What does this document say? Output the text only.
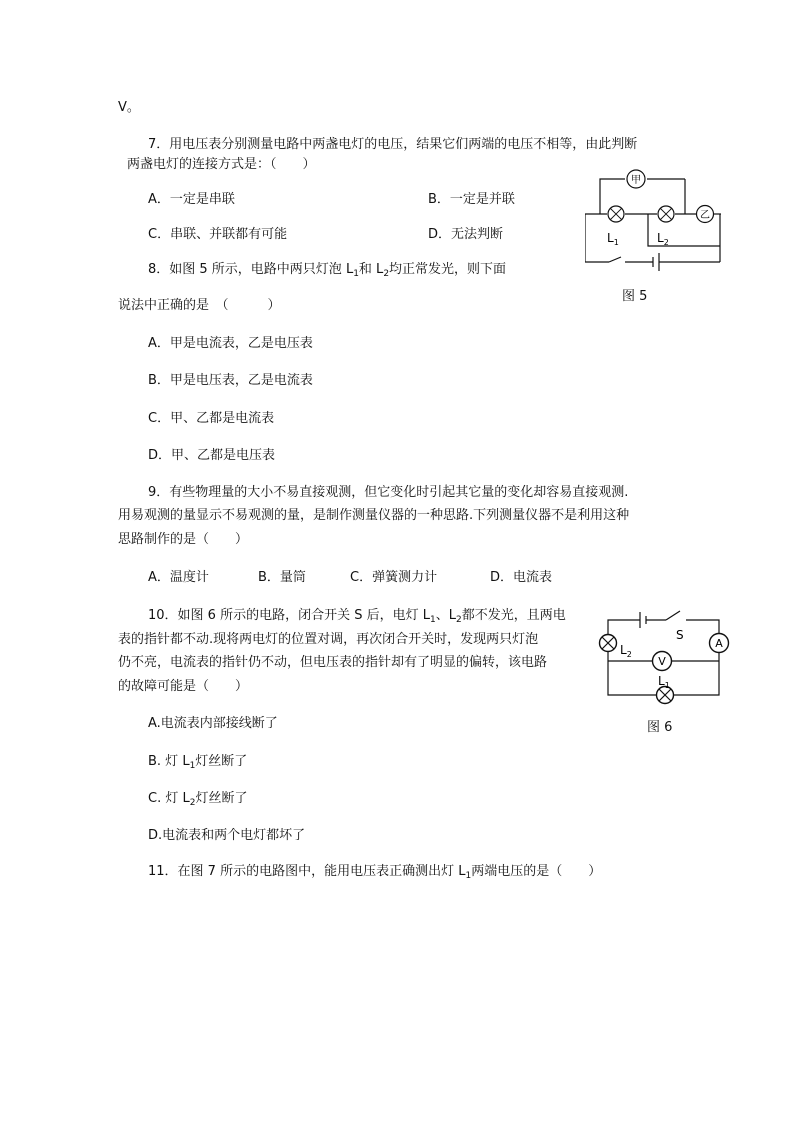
V。
7．用电压表分别测量电路中两盏电灯的电压，结果它们两端的电压不相等，由此判断
两盏电灯的连接方式是：（　　）
A．一定是串联	B．一定是并联
C．串联、并联都有可能	D．无法判断
8．如图 5 所示，电路中两只灯泡 $L_1$和 $L_2$均正常发光，则下面
说法中正确的是　（　　　）
A．甲是电流表，乙是电压表
B．甲是电压表，乙是电流表
C．甲、乙都是电流表
D．甲、乙都是电压表
9．有些物理量的大小不易直接观测，但它变化时引起其它量的变化却容易直接观测.
用易观测的量显示不易观测的量，是制作测量仪器的一种思路.下列测量仪器不是利用这种
思路制作的是（　　）
A．温度计	B．量筒	C．弹簧测力计	D．电流表
10．如图 6 所示的电路，闭合开关 S 后，电灯 $L_1$、$L_2$都不发光，且两电
表的指针都不动.现将两电灯的位置对调，再次闭合开关时，发现两只灯泡
仍不亮，电流表的指针仍不动，但电压表的指针却有了明显的偏转，该电路
的故障可能是（　　）
A.电流表内部接线断了
B. 灯 $L_1$灯丝断了
C. 灯 $L_2$灯丝断了
D.电流表和两个电灯都坏了
11．在图 7 所示的电路图中，能用电压表正确测出灯 $L_1$两端电压的是（　　）
甲
乙
$L_1$	$L_2$
图 5
A
V
S
$L_2$
$L_1$
图 6
